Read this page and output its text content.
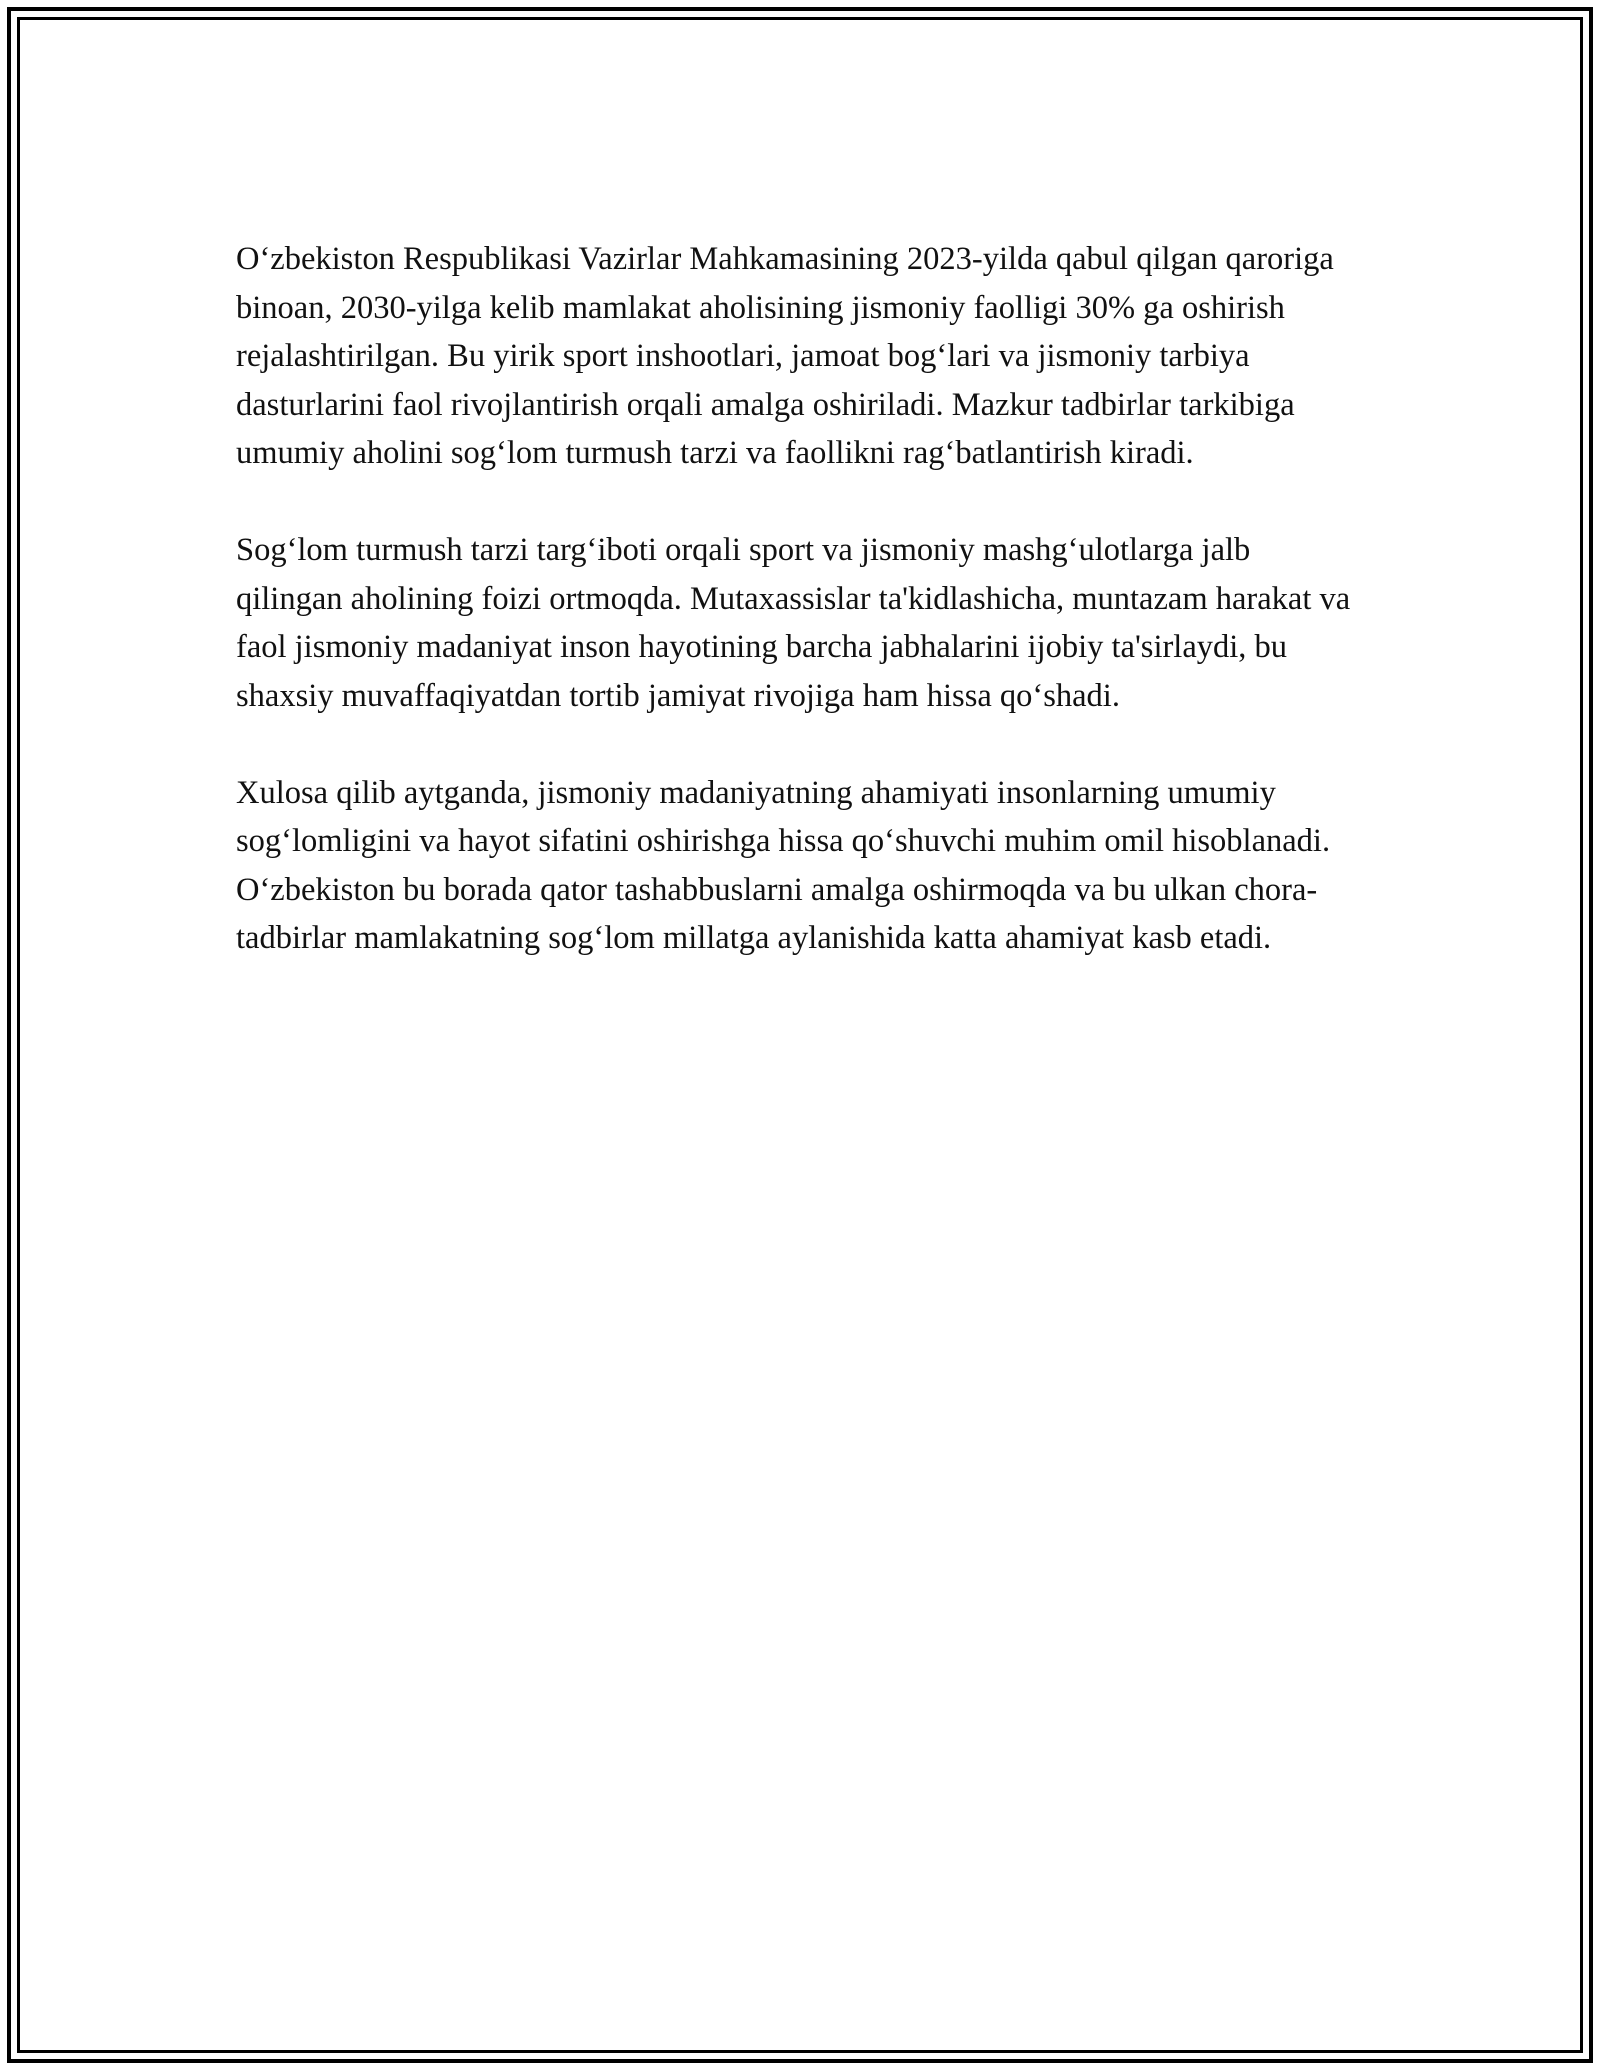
O‘zbekiston Respublikasi Vazirlar Mahkamasining 2023-yilda qabul qilgan qaroriga binoan, 2030-yilga kelib mamlakat aholisining jismoniy faolligi 30% ga oshirish rejalashtirilgan. Bu yirik sport inshootlari, jamoat bog‘lari va jismoniy tarbiya dasturlarini faol rivojlantirish orqali amalga oshiriladi. Mazkur tadbirlar tarkibiga umumiy aholini sog‘lom turmush tarzi va faollikni rag‘batlantirish kiradi.

Sog‘lom turmush tarzi targ‘iboti orqali sport va jismoniy mashg‘ulotlarga jalb qilingan aholining foizi ortmoqda. Mutaxassislar ta'kidlashicha, muntazam harakat va faol jismoniy madaniyat inson hayotining barcha jabhalarini ijobiy ta'sirlaydi, bu shaxsiy muvaffaqiyatdan tortib jamiyat rivojiga ham hissa qo‘shadi.

Xulosa qilib aytganda, jismoniy madaniyatning ahamiyati insonlarning umumiy sog‘lomligini va hayot sifatini oshirishga hissa qo‘shuvchi muhim omil hisoblanadi. O‘zbekiston bu borada qator tashabbuslarni amalga oshirmoqda va bu ulkan chora-tadbirlar mamlakatning sog‘lom millatga aylanishida katta ahamiyat kasb etadi.
